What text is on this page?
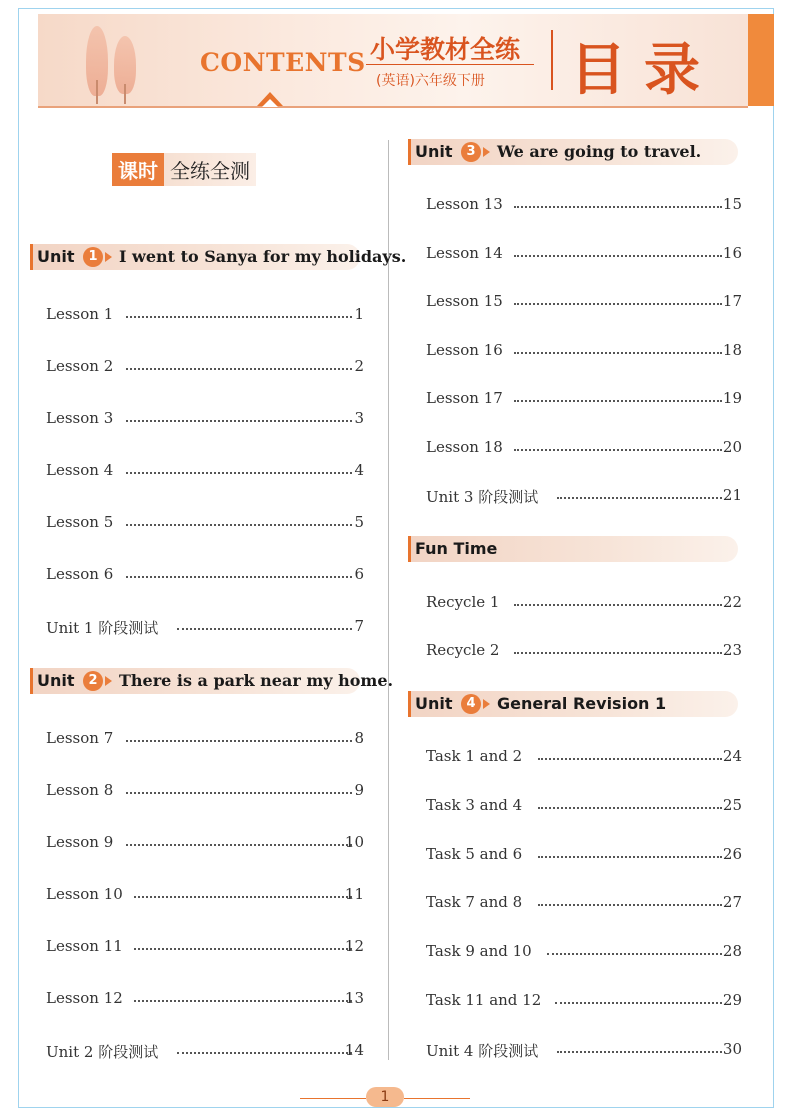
CONTENTS 小学教材全练
(英语)六年级下册 目录
课时 全练全测
Unit	1	I went to Sanya for my holidays.
Lesson 1	1
Lesson 2	2
Lesson 3	3
Lesson 4	4
Lesson 5	5
Lesson 6	6
Unit 1 阶段测试	7
Unit	2	There is a park near my home.
Lesson 7	8
Lesson 8	9
Lesson 9	10
Lesson 10	11
Lesson 11	12
Lesson 12	13
Unit 2 阶段测试	14
Unit	3	We are going to travel.
Lesson 13	15
Lesson 14	16
Lesson 15	17
Lesson 16	18
Lesson 17	19
Lesson 18	20
Unit 3 阶段测试	21
Fun Time
Recycle 1	22
Recycle 2	23
Unit	4	General Revision 1
Task 1 and 2	24
Task 3 and 4	25
Task 5 and 6	26
Task 7 and 8	27
Task 9 and 10	28
Task 11 and 12	29
Unit 4 阶段测试	30
1
